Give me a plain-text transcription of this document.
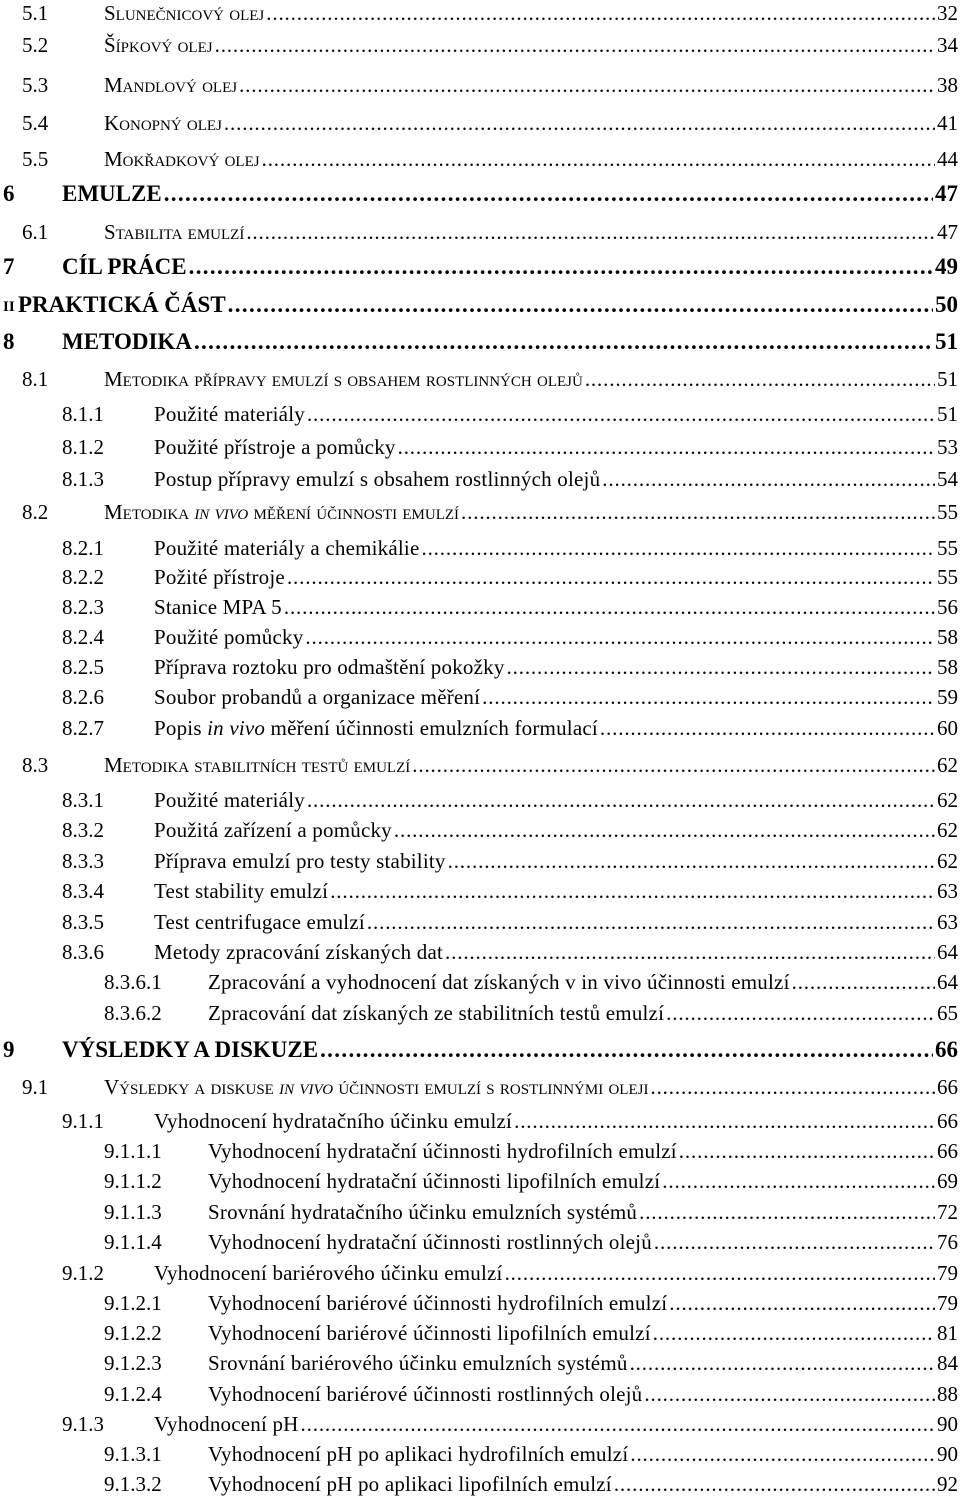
5.1	Slunečnicový olej . . .	32
5.2	Šípkový olej . . .	34
5.3	Mandlový olej . . .	38
5.4	Konopný olej . . .	41
5.5	Mokřadkový olej . . .	44
6 EMULZE . . .	47
6.1	Stabilita emulzí . . .	47
7 CÍL PRÁCE . . .	49
II PRAKTICKÁ ČÁST . . .	50
8 METODIKA . . .	51
8.1	Metodika přípravy emulzí s obsahem rostlinných olejů . . .	51
8.1.1 Použité materiály . . .	51
8.1.2 Použité přístroje a pomůcky . . .	53
8.1.3 Postup přípravy emulzí s obsahem rostlinných olejů . . .	54
8.2	Metodika in vivo měření účinnosti emulzí . . .	55
8.2.1 Použité materiály a chemikálie . . .	55
8.2.2 Požité přístroje . . .	55
8.2.3 Stanice MPA 5 . . .	56
8.2.4 Použité pomůcky . . .	58
8.2.5 Příprava roztoku pro odmaštění pokožky . . .	58
8.2.6 Soubor probandů a organizace měření . . .	59
8.2.7 Popis in vivo měření účinnosti emulzních formulací . . .	60
8.3	Metodika stabilitních testů emulzí . . .	62
8.3.1 Použité materiály . . .	62
8.3.2 Použitá zařízení a pomůcky . . .	62
8.3.3 Příprava emulzí pro testy stability . . .	62
8.3.4 Test stability emulzí . . .	63
8.3.5 Test centrifugace emulzí . . .	63
8.3.6 Metody zpracování získaných dat . . .	64
8.3.6.1 Zpracování a vyhodnocení dat získaných v in vivo účinnosti emulzí . . .	64
8.3.6.2 Zpracování dat získaných ze stabilitních testů emulzí . . .	65
9 VÝSLEDKY A DISKUZE . . .	66
9.1	Výsledky a diskuse in vivo účinnosti emulzí s rostlinnými oleji . . .	66
9.1.1 Vyhodnocení hydratačního účinku emulzí . . .	66
9.1.1.1 Vyhodnocení hydratační účinnosti hydrofilních emulzí . . .	66
9.1.1.2 Vyhodnocení hydratační účinnosti lipofilních emulzí . . .	69
9.1.1.3 Srovnání hydratačního účinku emulzních systémů . . .	72
9.1.1.4 Vyhodnocení hydratační účinnosti rostlinných olejů . . .	76
9.1.2 Vyhodnocení bariérového účinku emulzí . . .	79
9.1.2.1 Vyhodnocení bariérové účinnosti hydrofilních emulzí . . .	79
9.1.2.2 Vyhodnocení bariérové účinnosti lipofilních emulzí . . .	81
9.1.2.3 Srovnání bariérového účinku emulzních systémů . . .	84
9.1.2.4 Vyhodnocení bariérové účinnosti rostlinných olejů . . .	88
9.1.3 Vyhodnocení pH . . .	90
9.1.3.1 Vyhodnocení pH po aplikaci hydrofilních emulzí . . .	90
9.1.3.2 Vyhodnocení pH po aplikaci lipofilních emulzí . . .	92
